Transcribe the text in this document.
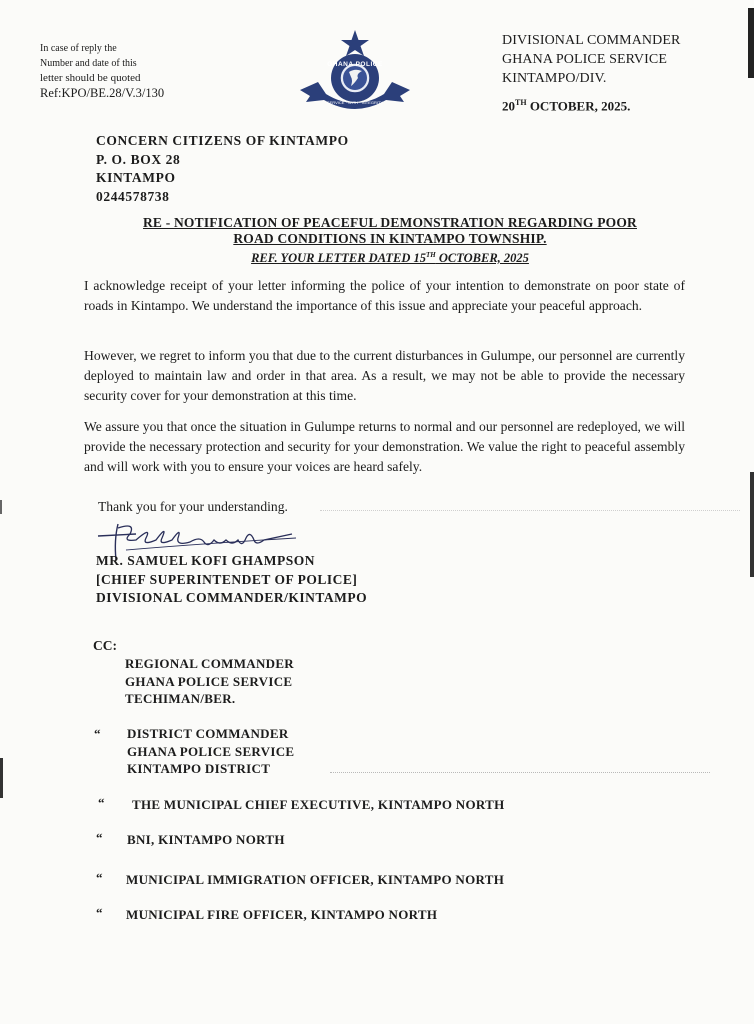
In case of reply the
Number and date of this
letter should be quoted
Ref:KPO/BE.28/V.3/130
GHANA POLICE
SERVICE · WITH · INTEGRITY
DIVISIONAL COMMANDER
GHANA POLICE SERVICE
KINTAMPO/DIV.
20TH OCTOBER, 2025.
CONCERN CITIZENS OF KINTAMPO
P. O. BOX 28
KINTAMPO
0244578738
RE - NOTIFICATION OF PEACEFUL DEMONSTRATION REGARDING POOR
ROAD CONDITIONS IN KINTAMPO TOWNSHIP.
REF. YOUR LETTER DATED 15TH OCTOBER, 2025
I acknowledge receipt of your letter informing the police of your intention to demonstrate on poor state of roads in Kintampo. We understand the importance of this issue and appreciate your peaceful approach.
However, we regret to inform you that due to the current disturbances in Gulumpe, our personnel are currently deployed to maintain law and order in that area. As a result, we may not be able to provide the necessary security cover for your demonstration at this time.
We assure you that once the situation in Gulumpe returns to normal and our personnel are redeployed, we will provide the necessary protection and security for your demonstration. We value the right to peaceful assembly and will work with you to ensure your voices are heard safely.
Thank you for your understanding.
MR. SAMUEL KOFI GHAMPSON
[CHIEF SUPERINTENDET OF POLICE]
DIVISIONAL COMMANDER/KINTAMPO
CC:
REGIONAL COMMANDER
GHANA POLICE SERVICE
TECHIMAN/BER.
“ DISTRICT COMMANDER
GHANA POLICE SERVICE
KINTAMPO DISTRICT
“ THE MUNICIPAL CHIEF EXECUTIVE, KINTAMPO NORTH
“ BNI, KINTAMPO NORTH
“ MUNICIPAL IMMIGRATION OFFICER, KINTAMPO NORTH
“ MUNICIPAL FIRE OFFICER, KINTAMPO NORTH
